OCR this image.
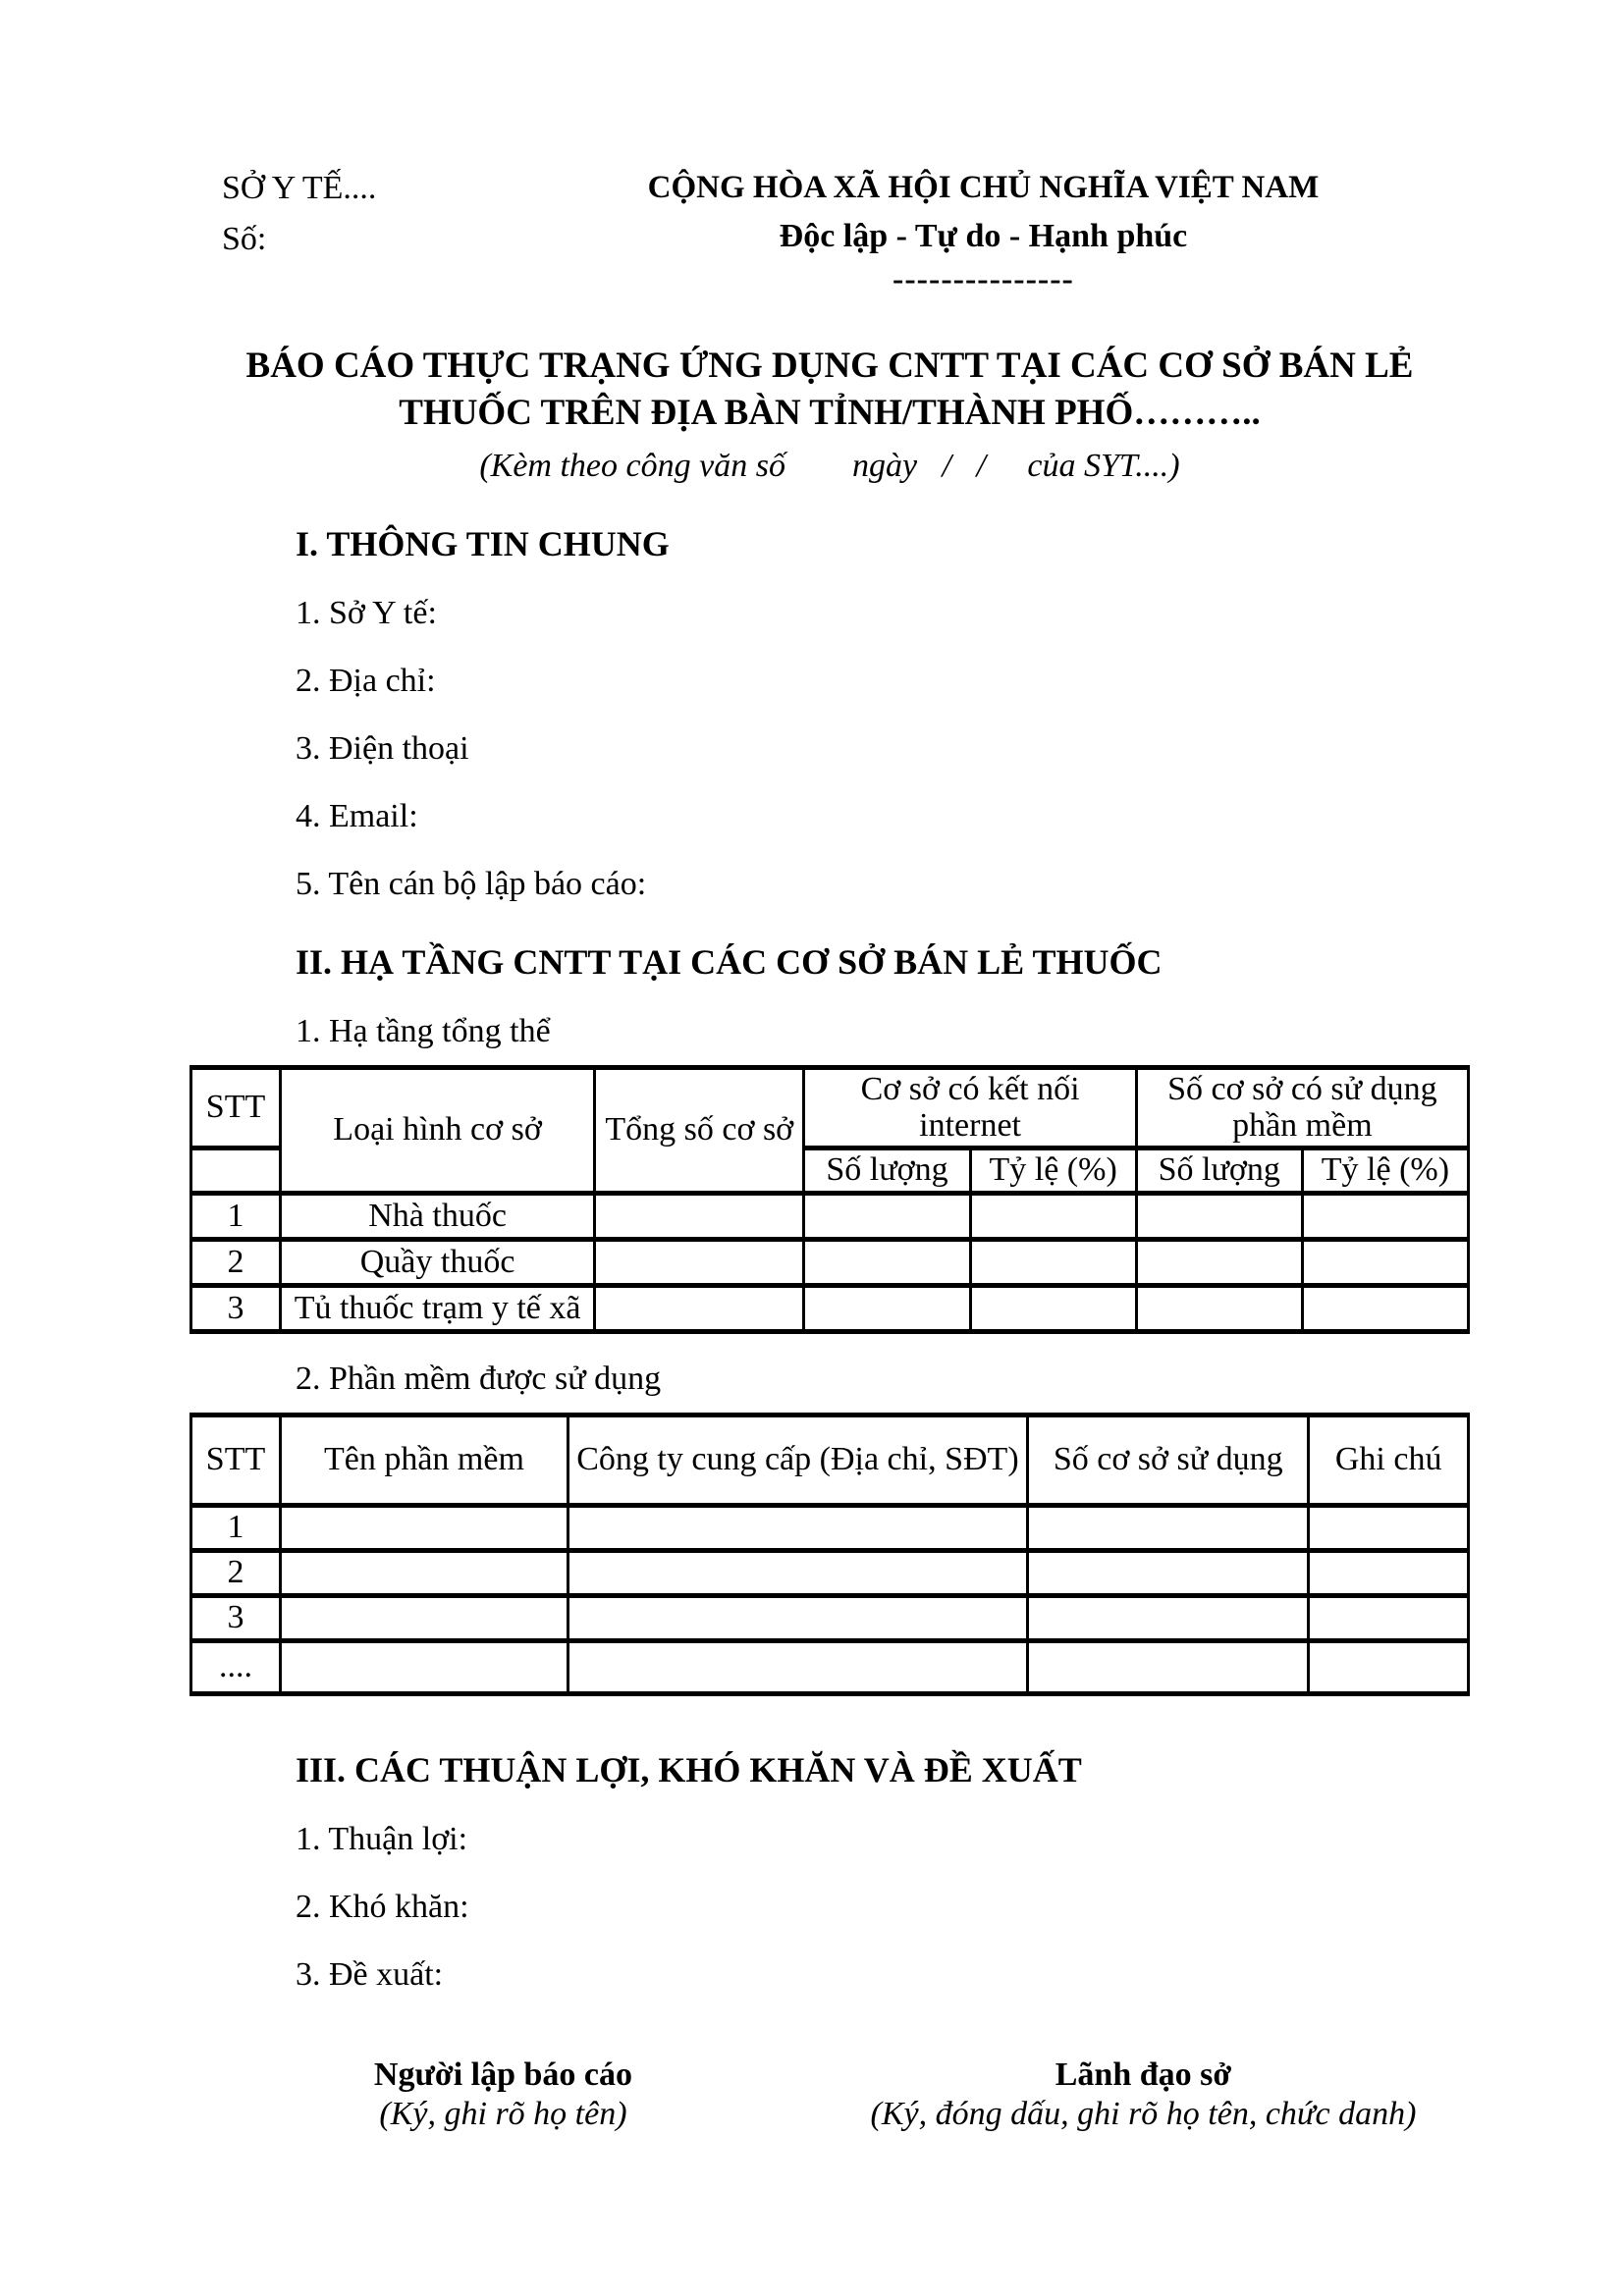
SỞ Y TẾ....
Số:
CỘNG HÒA XÃ HỘI CHỦ NGHĨA VIỆT NAM
Độc lập - Tự do - Hạnh phúc
---------------
BÁO CÁO THỰC TRẠNG ỨNG DỤNG CNTT TẠI CÁC CƠ SỞ BÁN LẺ
THUỐC TRÊN ĐỊA BÀN TỈNH/THÀNH PHỐ………..
(Kèm theo công văn số        ngày   /   /     của SYT....)
I. THÔNG TIN CHUNG
1. Sở Y tế:
2. Địa chỉ:
3. Điện thoại
4. Email:
5. Tên cán bộ lập báo cáo:
II. HẠ TẦNG CNTT TẠI CÁC CƠ SỞ BÁN LẺ THUỐC
1. Hạ tầng tổng thể
STT	Loại hình cơ sở	Tổng số cơ sở	Cơ sở có kết nối internet		Số cơ sở có sử dụng phần mềm	
			Số lượng	Tỷ lệ (%)	Số lượng	Tỷ lệ (%)
1	Nhà thuốc					
2	Quầy thuốc					
3	Tủ thuốc trạm y tế xã					
2. Phần mềm được sử dụng
STT	Tên phần mềm	Công ty cung cấp (Địa chỉ, SĐT)	Số cơ sở sử dụng	Ghi chú
1				
2				
3				
....				
III. CÁC THUẬN LỢI, KHÓ KHĂN VÀ ĐỀ XUẤT
1. Thuận lợi:
2. Khó khăn:
3. Đề xuất:
Người lập báo cáo
(Ký, ghi rõ họ tên)
Lãnh đạo sở
(Ký, đóng dấu, ghi rõ họ tên, chức danh)
